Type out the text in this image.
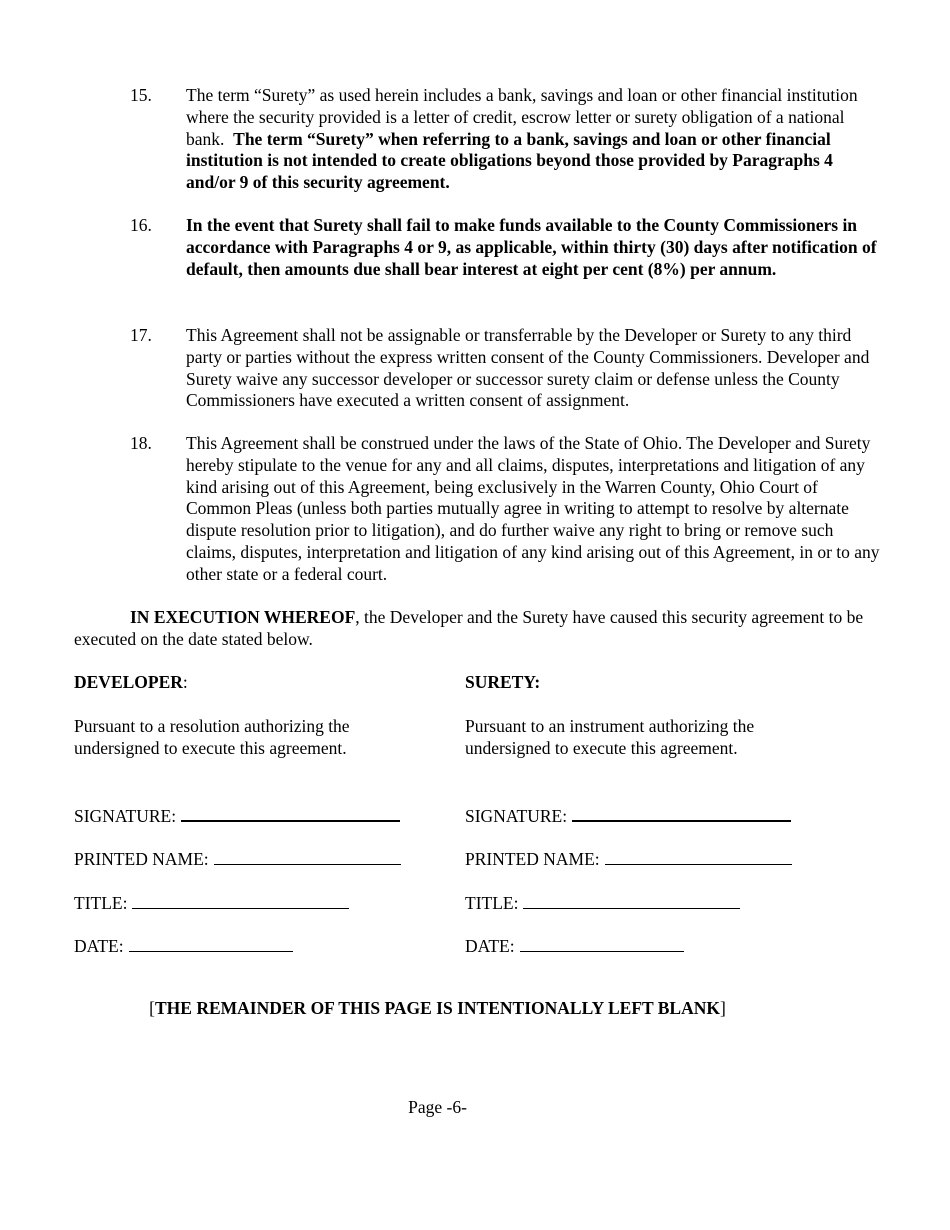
15. The term “Surety” as used herein includes a bank, savings and loan or other financial institution where the security provided is a letter of credit, escrow letter or surety obligation of a national bank. The term “Surety” when referring to a bank, savings and loan or other financial institution is not intended to create obligations beyond those provided by Paragraphs 4 and/or 9 of this security agreement.
16. In the event that Surety shall fail to make funds available to the County Commissioners in accordance with Paragraphs 4 or 9, as applicable, within thirty (30) days after notification of default, then amounts due shall bear interest at eight per cent (8%) per annum.
17. This Agreement shall not be assignable or transferrable by the Developer or Surety to any third party or parties without the express written consent of the County Commissioners. Developer and Surety waive any successor developer or successor surety claim or defense unless the County Commissioners have executed a written consent of assignment.
18. This Agreement shall be construed under the laws of the State of Ohio. The Developer and Surety hereby stipulate to the venue for any and all claims, disputes, interpretations and litigation of any kind arising out of this Agreement, being exclusively in the Warren County, Ohio Court of Common Pleas (unless both parties mutually agree in writing to attempt to resolve by alternate dispute resolution prior to litigation), and do further waive any right to bring or remove such claims, disputes, interpretation and litigation of any kind arising out of this Agreement, in or to any other state or a federal court.
IN EXECUTION WHEREOF, the Developer and the Surety have caused this security agreement to be executed on the date stated below.
DEVELOPER:
Pursuant to a resolution authorizing the undersigned to execute this agreement.
SIGNATURE:
PRINTED NAME:
TITLE:
DATE:
SURETY:
Pursuant to an instrument authorizing the undersigned to execute this agreement.
SIGNATURE:
PRINTED NAME:
TITLE:
DATE:
[THE REMAINDER OF THIS PAGE IS INTENTIONALLY LEFT BLANK]
Page -6-
